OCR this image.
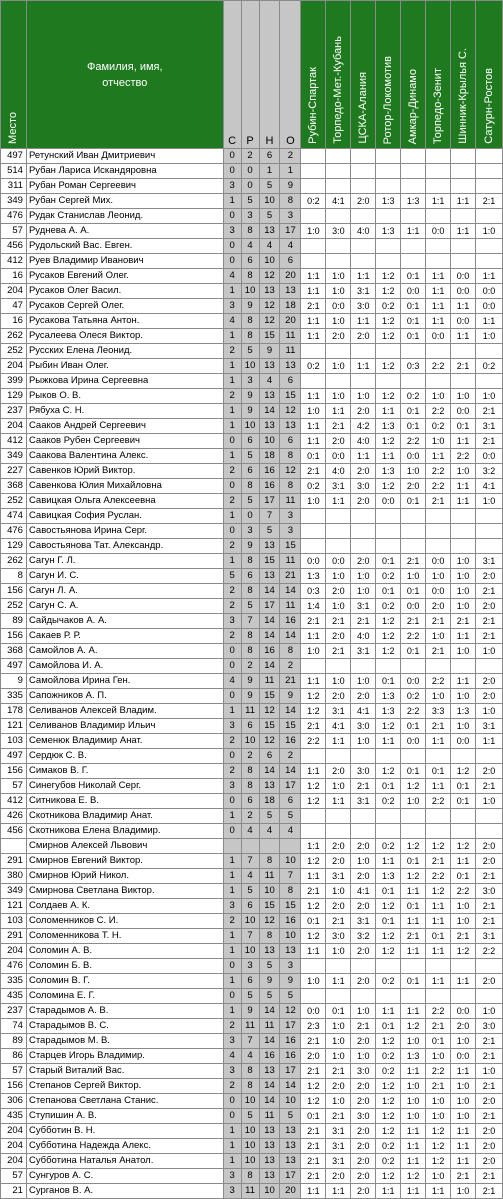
Место	Фамилия, имя,
отчество	С	Р	Н	О	Рубин-Спартак	Торпедо-Мет.-Кубань	ЦСКА-Алания	Ротор-Локомотив	Амкар-Динамо	Торпедо-Зенит	Шинник-Крылья С.	Сатурн-Ростов

497	Ретунский Иван Дмитриевич	0	2	6	2								
514	Рубан Лариса Искандяровна	0	0	1	1								
311	Рубан Роман Сергеевич	3	0	5	9								
349	Рубан Сергей Мих.	1	5	10	8	0:2	4:1	2:0	1:3	1:3	1:1	1:1	2:1
476	Рудак Станислав Леонид.	0	3	5	3								
57	Руднева А. А.	3	8	13	17	1:0	3:0	4:0	1:3	1:1	0:0	1:1	1:0
456	Рудольский Вас. Евген.	0	4	4	4								
412	Руев Владимир Иванович	0	6	10	6								
16	Русаков Евгений Олег.	4	8	12	20	1:1	1:0	1:1	1:2	0:1	1:1	0:0	1:1
204	Русаков Олег Васил.	1	10	13	13	1:1	1:0	3:1	1:2	0:0	1:1	0:0	0:0
47	Русаков Сергей Олег.	3	9	12	18	2:1	0:0	3:0	0:2	0:1	1:1	1:1	0:0
16	Русакова Татьяна Антон.	4	8	12	20	1:1	1:0	1:1	1:2	0:1	1:1	0:0	1:1
262	Русалеева Олеся Виктор.	1	8	15	11	1:1	2:0	2:0	1:2	0:1	0:0	1:1	1:0
252	Русских Елена Леонид.	2	5	9	11								
204	Рыбин Иван Олег.	1	10	13	13	0:2	1:0	1:1	1:2	0:3	2:2	2:1	0:2
399	Рыжкова Ирина Сергеевна	1	3	4	6								
129	Рыков О. В.	2	9	13	15	1:1	1:0	1:0	1:2	0:2	1:0	1:0	1:0
237	Рябуха С. Н.	1	9	14	12	1:0	1:1	2:0	1:1	0:1	2:2	0:0	2:1
204	Сааков Андрей Сергеевич	1	10	13	13	1:1	2:1	4:2	1:3	0:1	0:2	0:1	3:1
412	Сааков Рубен Сергеевич	0	6	10	6	1:1	2:0	4:0	1:2	2:2	1:0	1:1	2:1
349	Саакова Валентина Алекс.	1	5	18	8	0:1	0:0	1:1	1:1	0:0	1:1	2:2	0:0
227	Савенков Юрий Виктор.	2	6	16	12	2:1	4:0	2:0	1:3	1:0	2:2	1:0	3:2
368	Савенкова Юлия Михайловна	0	8	16	8	0:2	3:1	3:0	1:2	2:0	2:2	1:1	4:1
252	Савицкая Ольга Алексеевна	2	5	17	11	1:0	1:1	2:0	0:0	0:1	2:1	1:1	1:0
474	Савицкая София Руслан.	1	0	7	3								
476	Савостьянова Ирина Серг.	0	3	5	3								
129	Савостьянова Тат. Александр.	2	9	13	15								
262	Сагун Г. Л.	1	8	15	11	0:0	0:0	2:0	0:1	2:1	0:0	1:0	3:1
8	Сагун И. С.	5	6	13	21	1:3	1:0	1:0	0:2	1:0	1:0	1:0	2:0
156	Сагун Л. А.	2	8	14	14	0:3	2:0	1:0	0:1	0:1	0:0	1:0	2:1
252	Сагун С. А.	2	5	17	11	1:4	1:0	3:1	0:2	0:0	2:0	1:0	2:0
89	Сайдычаков А. А.	3	7	14	16	2:1	2:1	2:1	1:2	2:1	2:1	2:1	2:1
156	Сакаев Р. Р.	2	8	14	14	1:1	2:0	4:0	1:2	2:2	1:0	1:1	2:1
368	Самойлов А. А.	0	8	16	8	1:0	2:1	3:1	1:2	0:1	2:1	1:0	1:0
497	Самойлова И. А.	0	2	14	2								
9	Самойлова Ирина Ген.	4	9	11	21	1:1	1:0	1:0	0:1	0:0	2:2	1:1	2:0
335	Сапожников А. П.	0	9	15	9	1:2	2:0	2:0	1:3	0:2	1:0	1:0	2:0
178	Селиванов Алексей Владим.	1	11	12	14	1:2	3:1	4:1	1:3	2:2	3:3	1:3	1:0
121	Селиванов Владимир Ильич	3	6	15	15	2:1	4:1	3:0	1:2	0:1	2:1	1:0	3:1
103	Семенюк Владимир Анат.	2	10	12	16	2:2	1:1	1:0	1:1	0:0	1:1	0:0	1:1
497	Сердюк С. В.	0	2	6	2								
156	Симаков В. Г.	2	8	14	14	1:1	2:0	3:0	1:2	0:1	0:1	1:2	2:0
57	Синегубов Николай Серг.	3	8	13	17	1:2	1:0	2:1	0:1	1:2	1:1	0:1	2:1
412	Ситникова Е. В.	0	6	18	6	1:2	1:1	3:1	0:2	1:0	2:2	0:1	1:0
426	Скотникова Владимир Анат.	1	2	5	5								
456	Скотникова Елена Владимир.	0	4	4	4								
	Смирнов Алексей Львович					1:1	2:0	2:0	0:2	1:2	1:2	1:2	2:0
291	Смирнов Евгений Виктор.	1	7	8	10	1:2	2:0	1:0	1:1	0:1	2:1	1:1	2:0
380	Смирнов Юрий Никол.	1	4	11	7	1:1	3:1	2:0	1:3	1:2	2:2	0:1	2:1
349	Смирнова Светлана Виктор.	1	5	10	8	2:1	1:0	4:1	0:1	1:1	1:2	2:2	3:0
121	Солдаев А. К.	3	6	15	15	1:2	2:0	2:0	1:2	0:1	1:1	1:0	2:1
103	Соломенников С. И.	2	10	12	16	0:1	2:1	3:1	0:1	1:1	1:1	1:0	2:1
291	Соломенникова Т. Н.	1	7	8	10	1:2	3:0	3:2	1:2	2:1	0:1	2:1	3:1
204	Соломин А. В.	1	10	13	13	1:1	1:0	2:0	1:2	1:1	1:1	1:2	2:2
476	Соломин Б. В.	0	3	5	3								
335	Соломин В. Г.	1	6	9	9	1:0	1:1	2:0	0:2	0:1	1:1	1:1	2:0
435	Соломина Е. Г.	0	5	5	5								
237	Старадымов А. В.	1	9	14	12	0:0	0:1	1:0	1:1	1:1	2:2	0:0	1:0
74	Старадымов В. С.	2	11	11	17	2:3	1:0	2:1	0:1	1:2	2:1	2:0	3:0
89	Старадымов М. В.	3	7	14	16	2:1	1:0	2:0	1:2	1:0	0:1	1:0	2:1
86	Старцев Игорь Владимир.	4	4	16	16	2:0	1:0	1:0	0:2	1:3	1:0	0:0	2:1
57	Старый Виталий Вас.	3	8	13	17	2:1	2:1	3:0	0:2	1:1	2:2	1:1	1:0
156	Степанов Сергей Виктор.	2	8	14	14	1:2	2:0	2:0	1:2	1:0	2:1	1:0	2:1
306	Степанова Светлана Станис.	0	10	14	10	1:2	1:0	2:0	1:2	1:0	1:0	1:0	2:0
435	Ступишин А. В.	0	5	11	5	0:1	2:1	3:0	1:2	1:0	1:0	1:0	2:1
204	Субботин В. Н.	1	10	13	13	2:1	3:1	2:0	1:2	1:1	1:2	1:1	2:0
204	Субботина Надежда Алекс.	1	10	13	13	2:1	3:1	2:0	0:2	1:1	1:2	1:1	2:0
204	Субботина Наталья Анатол.	1	10	13	13	2:1	3:1	2:0	0:2	1:1	1:2	1:1	2:0
57	Сунгуров А. С.	3	8	13	17	2:1	2:0	2:0	1:2	1:2	1:0	2:1	2:1
21	Сурганов В. А.	3	11	10	20	1:1	1:1	2:0	1:1	1:1	1:1	1:0	2:1
